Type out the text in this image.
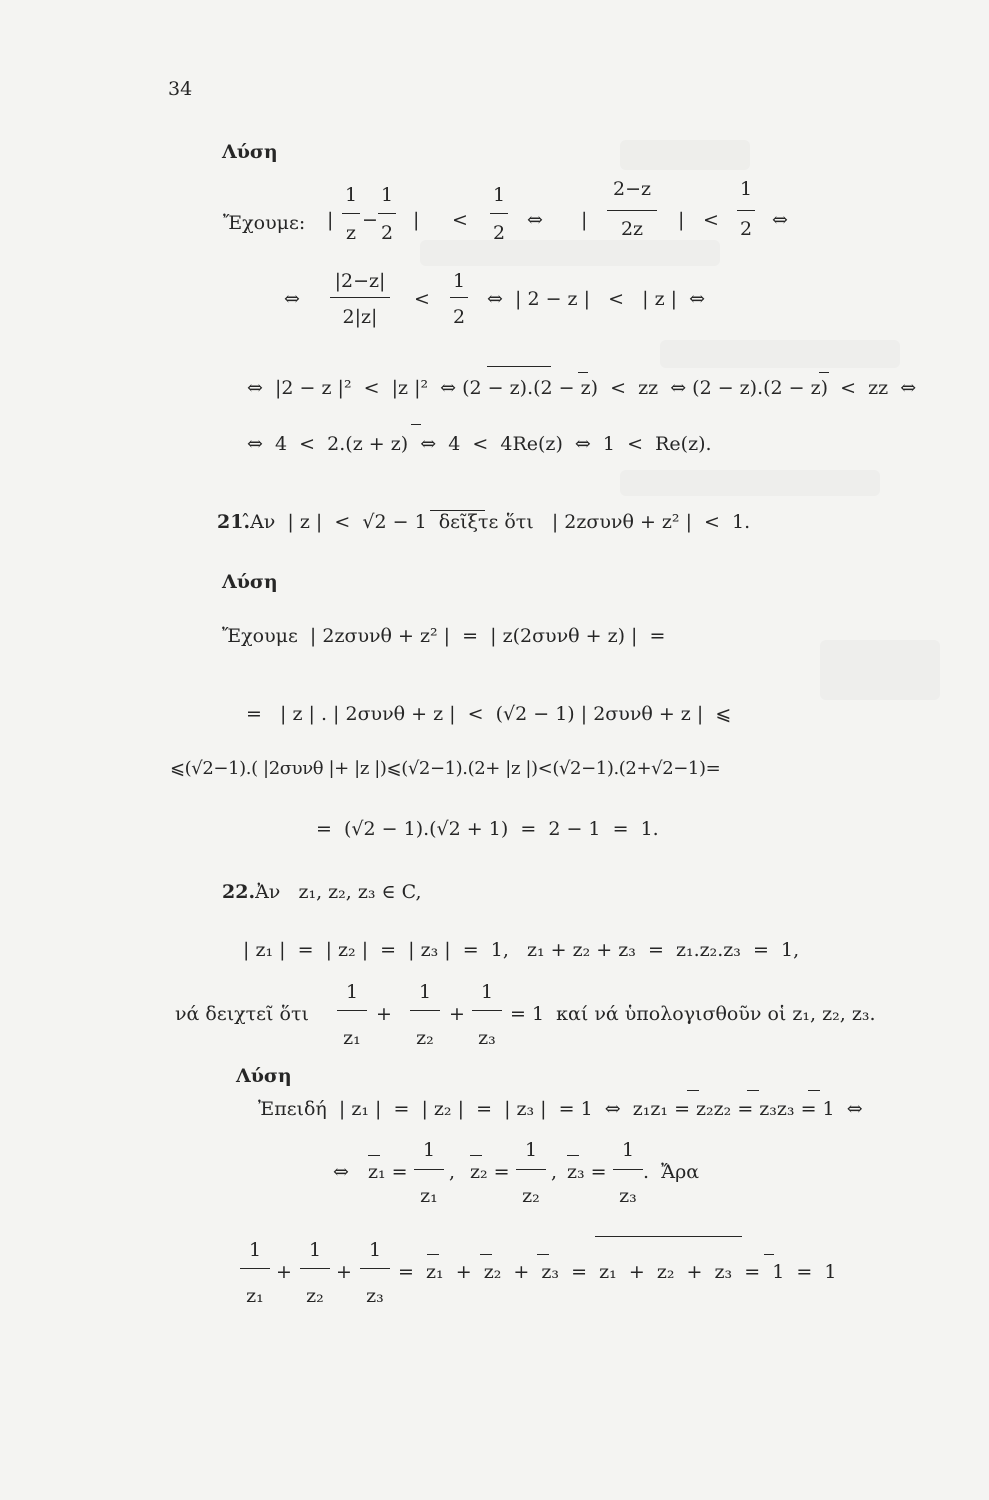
34
Λύση
Ἔχουμε: |
1
z
−
1
2
| <
1
2
⇔ |
2−z
2z	| <
1
2 ⇔
⇔
|2−z|
2|z|
<
1
2
⇔  | 2 − z |   <   | z |  ⇔
⇔  |2 − z |²  <  |z |²  ⇔ (2 − z).(2 − z)  <  zz  ⇔ (2 − z).(2 − z)  <  zz  ⇔
⇔  4  <  2.(z + z)  ⇔  4  <  4Re(z)  ⇔  1  <  Re(z).
21.̂Αν  | z |  <  √2 − 1  δεῖξτε ὅτι   | 2zσυνθ + z² |  <  1.
Λύση
Ἔχουμε  | 2zσυνθ + z² |  =  | z(2συνθ + z) |  =
=   | z | . | 2συνθ + z |  <  (√2 − 1) | 2συνθ + z |  ⩽
⩽(√2−1).( |2συνθ |+ |z |)⩽(√2−1).(2+ |z |)<(√2−1).(2+√2−1)=
=  (√2 − 1).(√2 + 1)  =  2 − 1  =  1.
22.Ἀν   z₁, z₂, z₃ ∈ C,
| z₁ |  =  | z₂ |  =  | z₃ |  =  1,   z₁ + z₂ + z₃  =  z₁.z₂.z₃  =  1,
νά δειχτεῖ ὅτι
1
z₁
+
1
z₂
+
1
z₃
= 1  καί νά ὑπολογισθοῦν οἱ z₁, z₂, z₃.
Λύση
Ἐπειδή  | z₁ |  =  | z₂ |  =  | z₃ |  = 1  ⇔  z₁z₁ = z₂z₂ = z₃z₃ = 1  ⇔
⇔ z₁ =
1
z₁
, z₂ =
1
z₂
, z₃ =
1
z₃
.  Ἄρα
1
z₁
+
1
z₂
+
1
z₃
=  z₁  +  z₂  +  z₃  =  z₁  +  z₂  +  z₃  =  1  =  1
